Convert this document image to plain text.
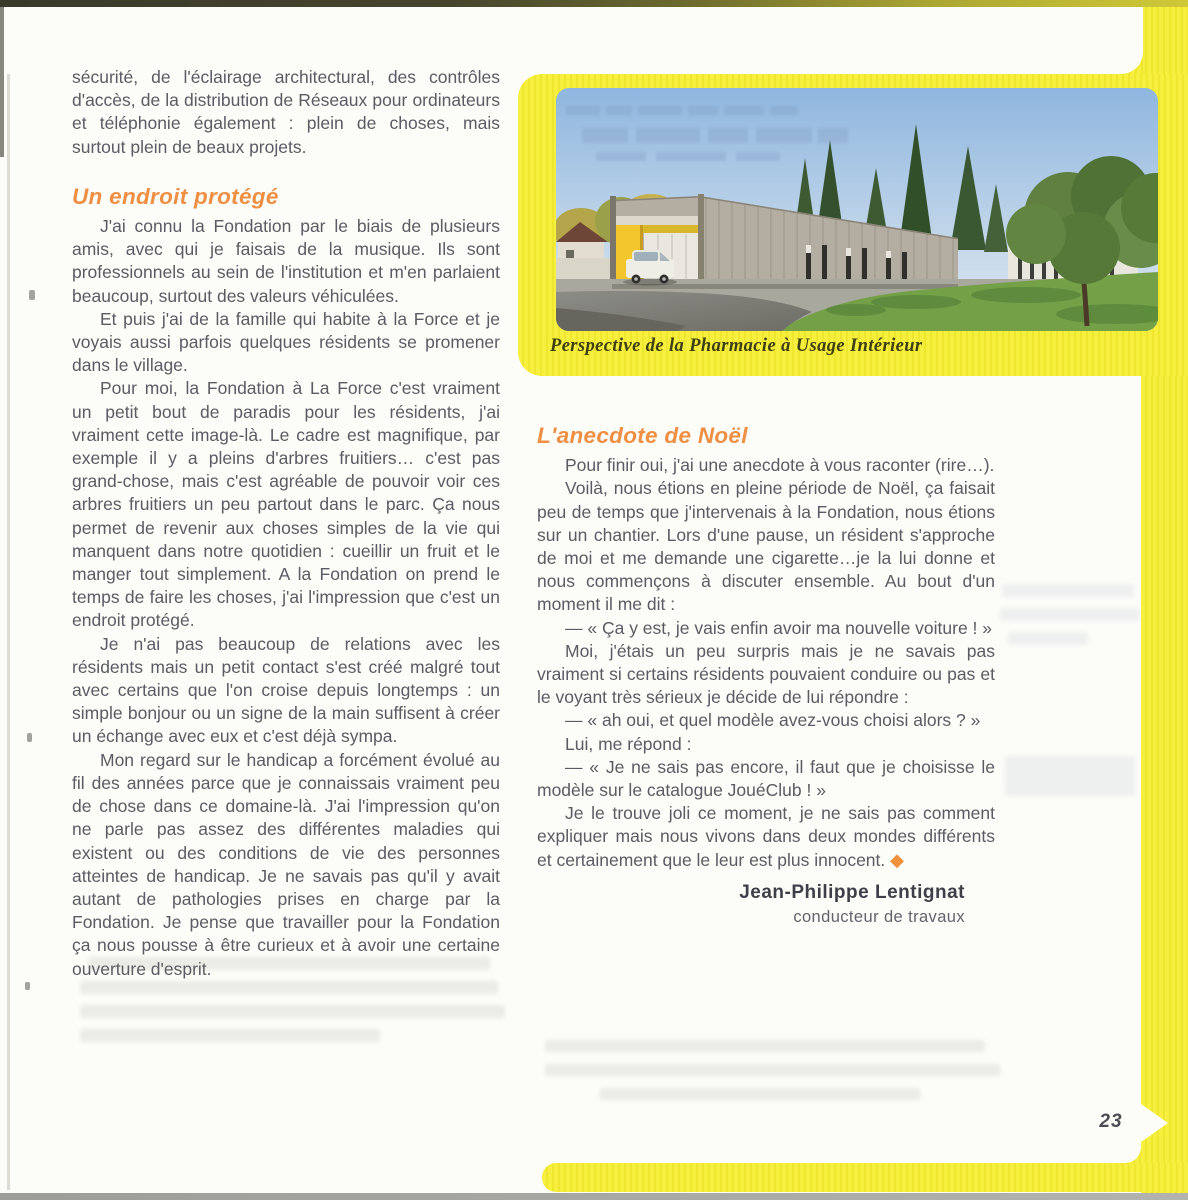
Perspective de la Pharmacie à Usage Intérieur

sécurité, de l'éclairage architectural, des contrôles d'accès, de la distribution de Réseaux pour ordinateurs et téléphonie également : plein de choses, mais surtout plein de beaux projets.

Un endroit protégé

J'ai connu la Fondation par le biais de plusieurs amis, avec qui je faisais de la musique. Ils sont professionnels au sein de l'institution et m'en parlaient beaucoup, surtout des valeurs véhiculées.

Et puis j'ai de la famille qui habite à la Force et je voyais aussi parfois quelques résidents se promener dans le village.

Pour moi, la Fondation à La Force c'est vraiment un petit bout de paradis pour les résidents, j'ai vraiment cette image-là. Le cadre est magnifique, par exemple il y a pleins d'arbres fruitiers… c'est pas grand-chose, mais c'est agréable de pouvoir voir ces arbres fruitiers un peu partout dans le parc. Ça nous permet de revenir aux choses simples de la vie qui manquent dans notre quotidien : cueillir un fruit et le manger tout simplement. A la Fondation on prend le temps de faire les choses, j'ai l'impression que c'est un endroit protégé.

Je n'ai pas beaucoup de relations avec les résidents mais un petit contact s'est créé malgré tout avec certains que l'on croise depuis longtemps : un simple bonjour ou un signe de la main suffisent à créer un échange avec eux et c'est déjà sympa.

Mon regard sur le handicap a forcément évolué au fil des années parce que je connaissais vraiment peu de chose dans ce domaine-là. J'ai l'impression qu'on ne parle pas assez des différentes maladies qui existent ou des conditions de vie des personnes atteintes de handicap. Je ne savais pas qu'il y avait autant de pathologies prises en charge par la Fondation. Je pense que travailler pour la Fondation ça nous pousse à être curieux et à avoir une certaine ouverture d'esprit.

L'anecdote de Noël

Pour finir oui, j'ai une anecdote à vous raconter (rire…).

Voilà, nous étions en pleine période de Noël, ça faisait peu de temps que j'intervenais à la Fondation, nous étions sur un chantier. Lors d'une pause, un résident s'approche de moi et me demande une cigarette…je la lui donne et nous commençons à discuter ensemble. Au bout d'un moment il me dit :

— « Ça y est, je vais enfin avoir ma nouvelle voiture ! »

Moi, j'étais un peu surpris mais je ne savais pas vraiment si certains résidents pouvaient conduire ou pas et le voyant très sérieux je décide de lui répondre :

— « ah oui, et quel modèle avez-vous choisi alors ? »

Lui, me répond :

— « Je ne sais pas encore, il faut que je choisisse le modèle sur le catalogue JouéClub ! »

Je le trouve joli ce moment, je ne sais pas comment expliquer mais nous vivons dans deux mondes différents et certainement que le leur est plus innocent. ◆

Jean-Philippe Lentignat

conducteur de travaux

23
